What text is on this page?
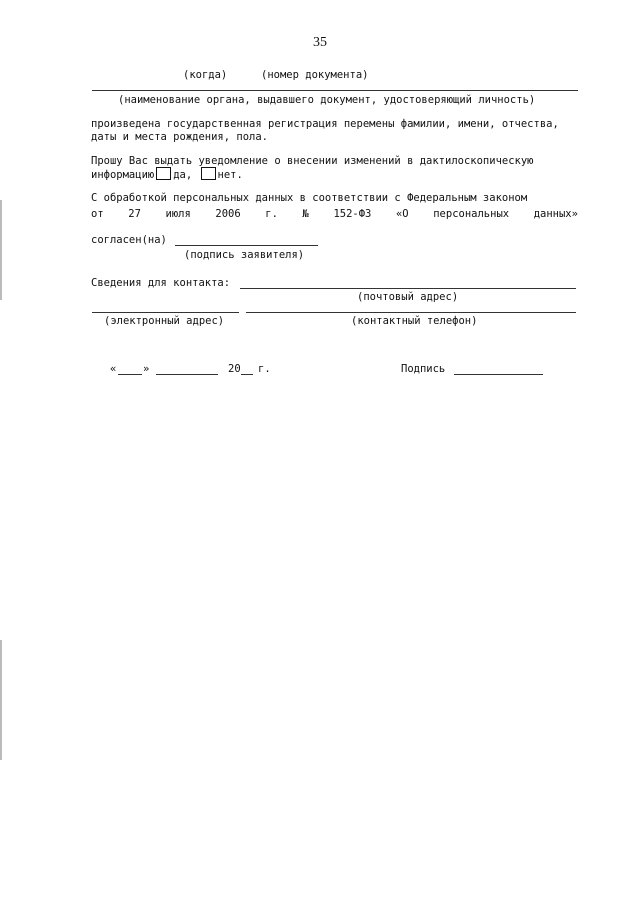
35
(когда)	(номер документа)
(наименование органа, выдавшего документ, удостоверяющий личность)
произведена государственная регистрация перемены фамилии, имени, отчества,
даты и места рождения, пола.
Прошу Вас выдать уведомление о внесении изменений в дактилоскопическую
информацию да, нет.
С обработкой персональных данных в соответствии с Федеральным законом
от 27 июля 2006 г. № 152-ФЗ «О персональных данных»
согласен(на)
(подпись заявителя)
Сведения для контакта:
(почтовый адрес)
(электронный адрес)	(контактный телефон)
«	»	20 г.	Подпись
